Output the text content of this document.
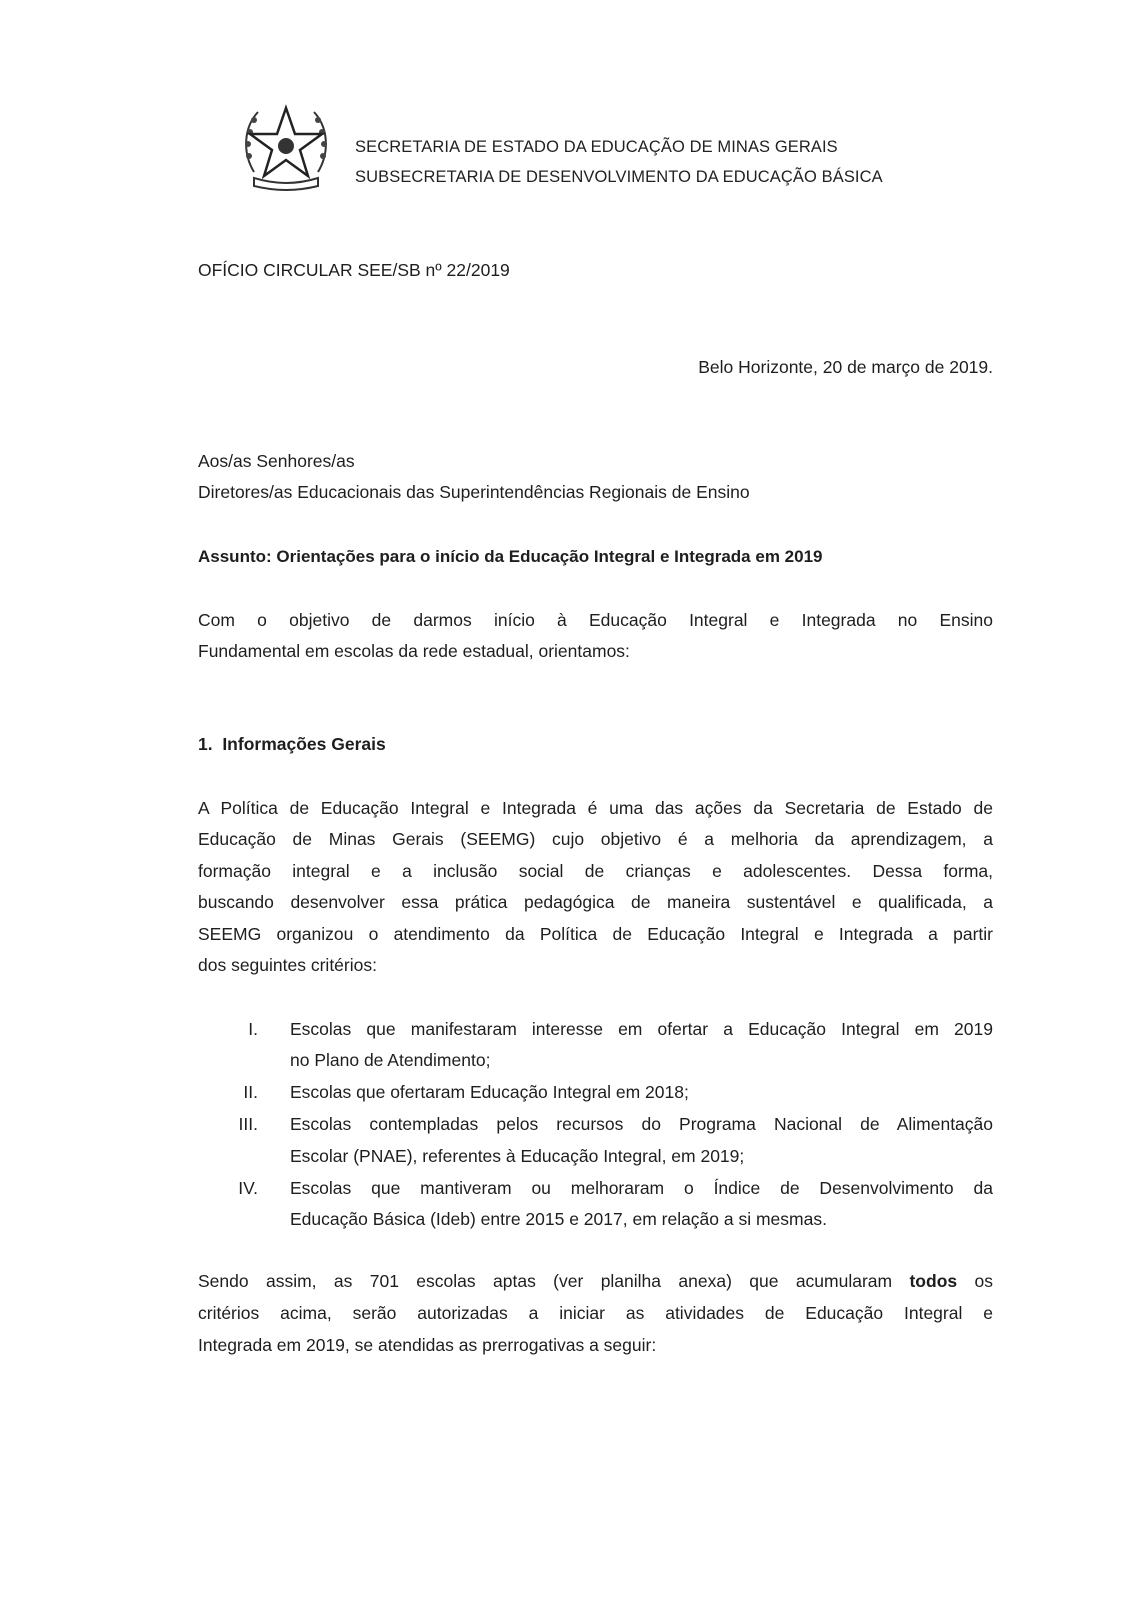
SECRETARIA DE ESTADO DA EDUCAÇÃO DE MINAS GERAIS
SUBSECRETARIA DE DESENVOLVIMENTO DA EDUCAÇÃO BÁSICA
OFÍCIO CIRCULAR SEE/SB nº 22/2019
Belo Horizonte, 20 de março de 2019.
Aos/as Senhores/as
Diretores/as Educacionais das Superintendências Regionais de Ensino
Assunto: Orientações para o início da Educação Integral e Integrada em 2019
Com o objetivo de darmos início à Educação Integral e Integrada no Ensino
Fundamental em escolas da rede estadual, orientamos:
1.  Informações Gerais
A Política de Educação Integral e Integrada é uma das ações da Secretaria de Estado de
Educação de Minas Gerais (SEEMG) cujo objetivo é a melhoria da aprendizagem, a
formação integral e a inclusão social de crianças e adolescentes. Dessa forma,
buscando desenvolver essa prática pedagógica de maneira sustentável e qualificada, a
SEEMG organizou o atendimento da Política de Educação Integral e Integrada a partir
dos seguintes critérios:
I. Escolas que manifestaram interesse em ofertar a Educação Integral em 2019
no Plano de Atendimento;
II. Escolas que ofertaram Educação Integral em 2018;
III. Escolas contempladas pelos recursos do Programa Nacional de Alimentação
Escolar (PNAE), referentes à Educação Integral, em 2019;
IV. Escolas que mantiveram ou melhoraram o Índice de Desenvolvimento da
Educação Básica (Ideb) entre 2015 e 2017, em relação a si mesmas.
Sendo assim, as 701 escolas aptas (ver planilha anexa) que acumularam todos os
critérios acima, serão autorizadas a iniciar as atividades de Educação Integral e
Integrada em 2019, se atendidas as prerrogativas a seguir:
